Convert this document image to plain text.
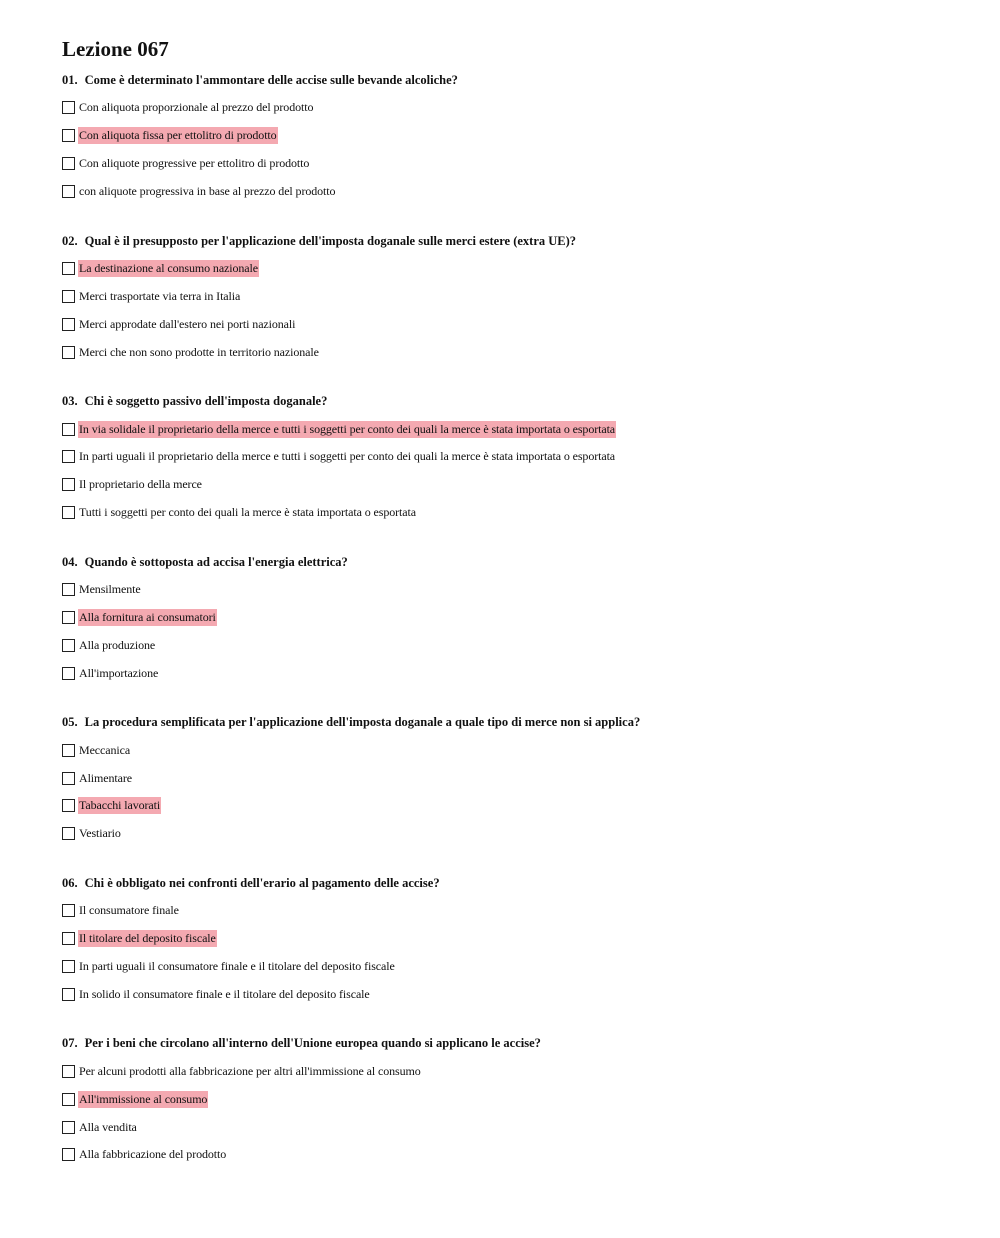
Lezione 067
01. Come è determinato l'ammontare delle accise sulle bevande alcoliche?
Con aliquota proporzionale al prezzo del prodotto
Con aliquota fissa per ettolitro di prodotto
Con aliquote progressive per ettolitro di prodotto
con aliquote progressiva in base al prezzo del prodotto
02. Qual è il presupposto per l'applicazione dell'imposta doganale sulle merci estere (extra UE)?
La destinazione al consumo nazionale
Merci trasportate via terra in Italia
Merci approdate dall'estero nei porti nazionali
Merci che non sono prodotte in territorio nazionale
03. Chi è soggetto passivo dell'imposta doganale?
In via solidale il proprietario della merce e tutti i soggetti per conto dei quali la merce è stata importata o esportata
In parti uguali il proprietario della merce e tutti i soggetti per conto dei quali la merce è stata importata o esportata
Il proprietario della merce
Tutti i soggetti per conto dei quali la merce è stata importata o esportata
04. Quando è sottoposta ad accisa l'energia elettrica?
Mensilmente
Alla fornitura ai consumatori
Alla produzione
All'importazione
05. La procedura semplificata per l'applicazione dell'imposta doganale a quale tipo di merce non si applica?
Meccanica
Alimentare
Tabacchi lavorati
Vestiario
06. Chi è obbligato nei confronti dell'erario al pagamento delle accise?
Il consumatore finale
Il titolare del deposito fiscale
In parti uguali il consumatore finale e il titolare del deposito fiscale
In solido il consumatore finale e il titolare del deposito fiscale
07. Per i beni che circolano all'interno dell'Unione europea quando si applicano le accise?
Per alcuni prodotti alla fabbricazione per altri all'immissione al consumo
All'immissione al consumo
Alla vendita
Alla fabbricazione del prodotto
